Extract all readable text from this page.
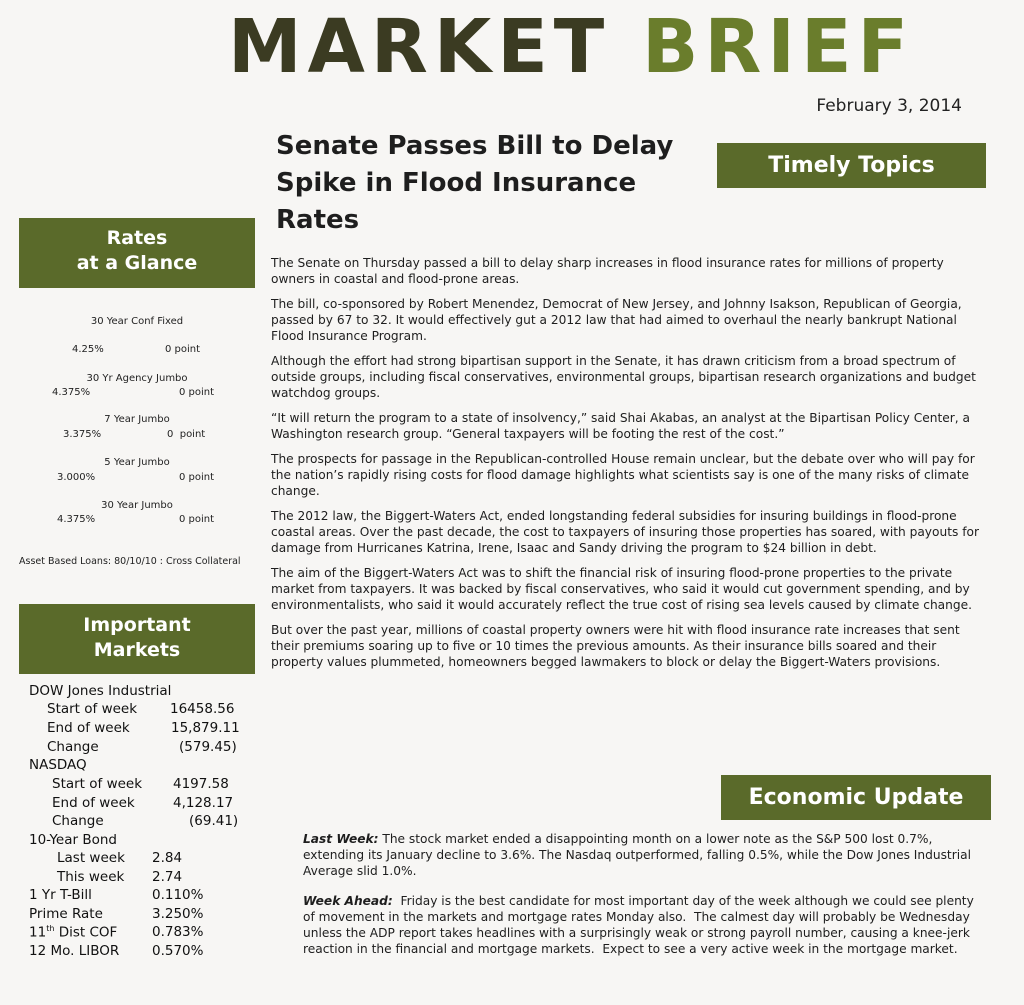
MARKET BRIEF
February 3, 2014
Senate Passes Bill to Delay Spike in Flood Insurance Rates
Timely Topics
Rates
at a Glance
30 Year Conf Fixed
4.25%	0 point
30 Yr Agency Jumbo
4.375%	0 point
7 Year Jumbo
3.375%	0  point
5 Year Jumbo
3.000%	0 point
30 Year Jumbo
4.375%	0 point
Asset Based Loans: 80/10/10 : Cross Collateral
Important
Markets
DOW Jones Industrial
Start of week 16458.56
End of week	15,879.11
Change	(579.45)
NASDAQ
Start of week 4197.58
End of week	4,128.17
Change	(69.41)
10-Year Bond
Last week 2.84
This week 2.74
1 Yr T-Bill	0.110%
Prime Rate	3.250%
11th Dist COF	0.783%
12 Mo. LIBOR 0.570%

The Senate on Thursday passed a bill to delay sharp increases in flood insurance rates for millions of property owners in coastal and flood-prone areas.

The bill, co-sponsored by Robert Menendez, Democrat of New Jersey, and Johnny Isakson, Republican of Georgia, passed by 67 to 32. It would effectively gut a 2012 law that had aimed to overhaul the nearly bankrupt National Flood Insurance Program.

Although the effort had strong bipartisan support in the Senate, it has drawn criticism from a broad spectrum of outside groups, including fiscal conservatives, environmental groups, bipartisan research organizations and budget watchdog groups.

“It will return the program to a state of insolvency,” said Shai Akabas, an analyst at the Bipartisan Policy Center, a Washington research group. “General taxpayers will be footing the rest of the cost.”

The prospects for passage in the Republican-controlled House remain unclear, but the debate over who will pay for the nation’s rapidly rising costs for flood damage highlights what scientists say is one of the many risks of climate change.

The 2012 law, the Biggert-Waters Act, ended longstanding federal subsidies for insuring buildings in flood-prone coastal areas. Over the past decade, the cost to taxpayers of insuring those properties has soared, with payouts for damage from Hurricanes Katrina, Irene, Isaac and Sandy driving the program to $24 billion in debt.

The aim of the Biggert-Waters Act was to shift the financial risk of insuring flood-prone properties to the private market from taxpayers. It was backed by fiscal conservatives, who said it would cut government spending, and by environmentalists, who said it would accurately reflect the true cost of rising sea levels caused by climate change.

But over the past year, millions of coastal property owners were hit with flood insurance rate increases that sent their premiums soaring up to five or 10 times the previous amounts. As their insurance bills soared and their property values plummeted, homeowners begged lawmakers to block or delay the Biggert-Waters provisions.

Economic Update

Last Week: The stock market ended a disappointing month on a lower note as the S&P 500 lost 0.7%, extending its January decline to 3.6%. The Nasdaq outperformed, falling 0.5%, while the Dow Jones Industrial Average slid 1.0%.

Week Ahead:  Friday is the best candidate for most important day of the week although we could see plenty of movement in the markets and mortgage rates Monday also.  The calmest day will probably be Wednesday unless the ADP report takes headlines with a surprisingly weak or strong payroll number, causing a knee-jerk reaction in the financial and mortgage markets.  Expect to see a very active week in the mortgage market.
